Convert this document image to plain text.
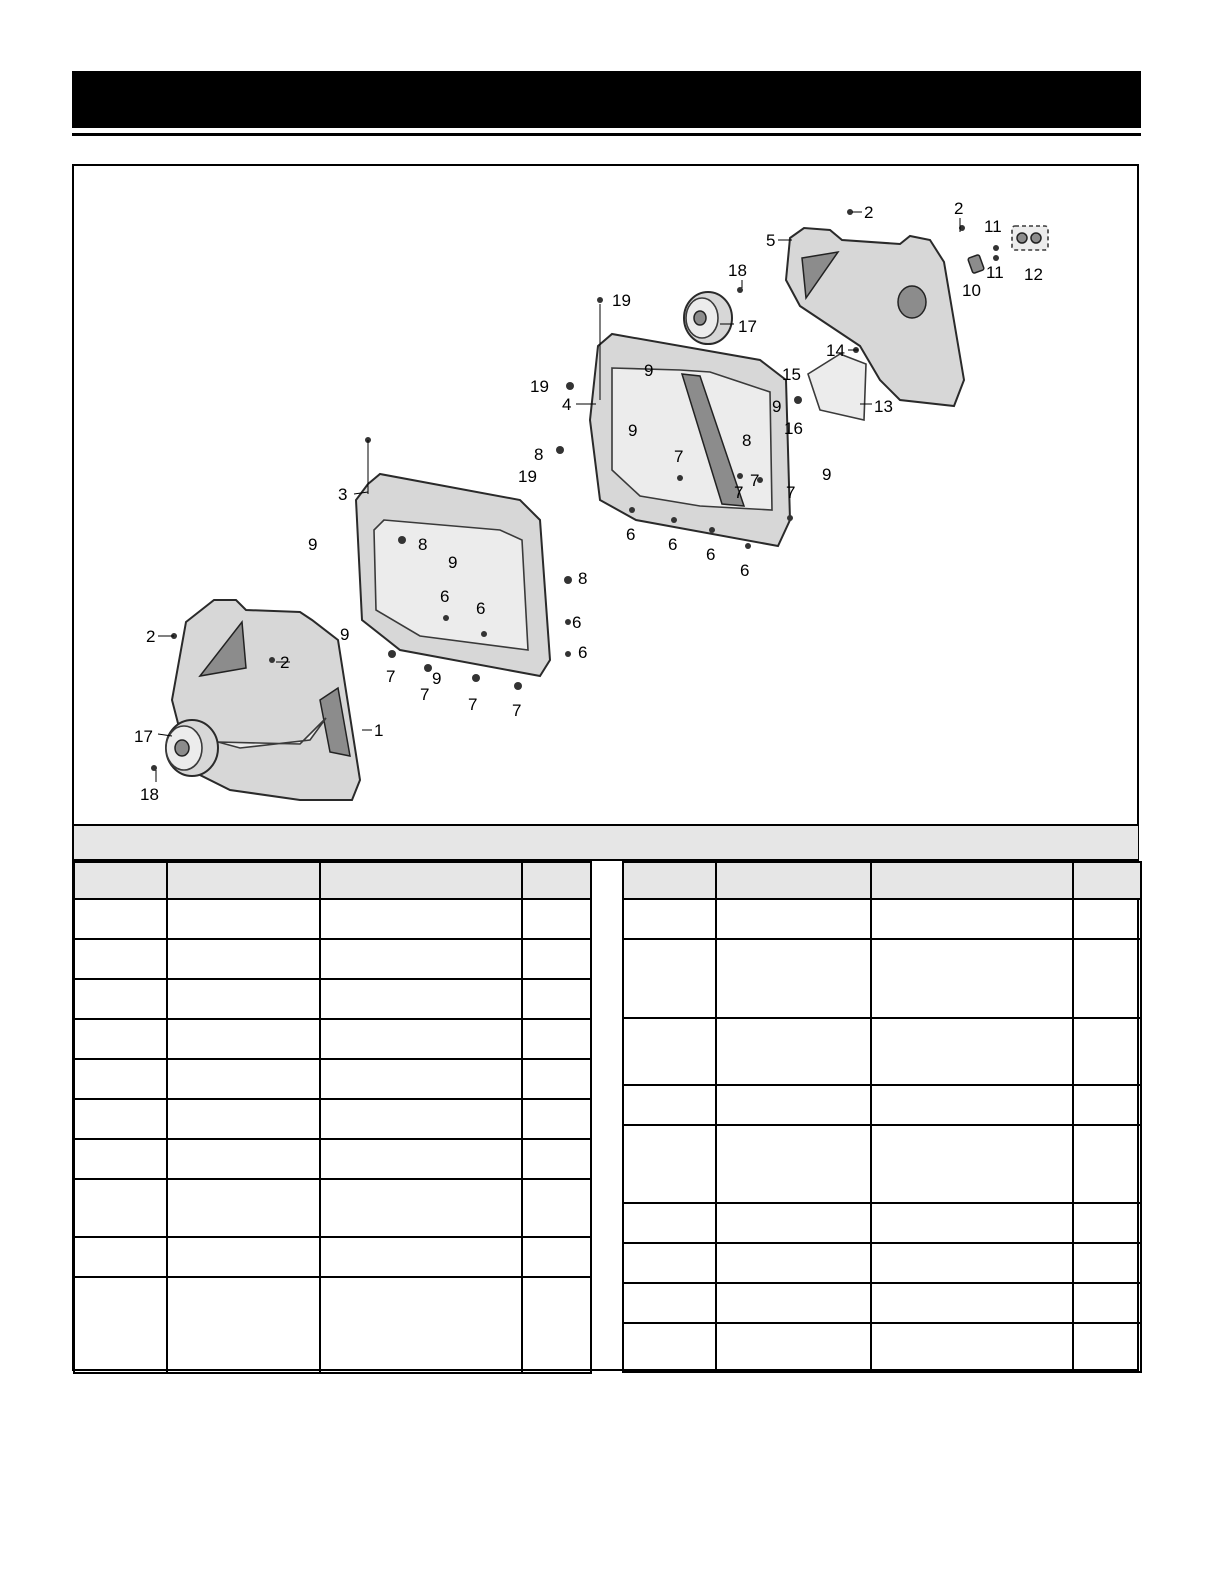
1
2
2
2	2
3
4
5
6
6
6
6
6
6
6
6
7
7
7 7
7
7
7
7
8
8
8
8
9
9
9
9
9
9
9
9
10
11
11 12
13
14
15
16
17
17
18
18
19
19
19
